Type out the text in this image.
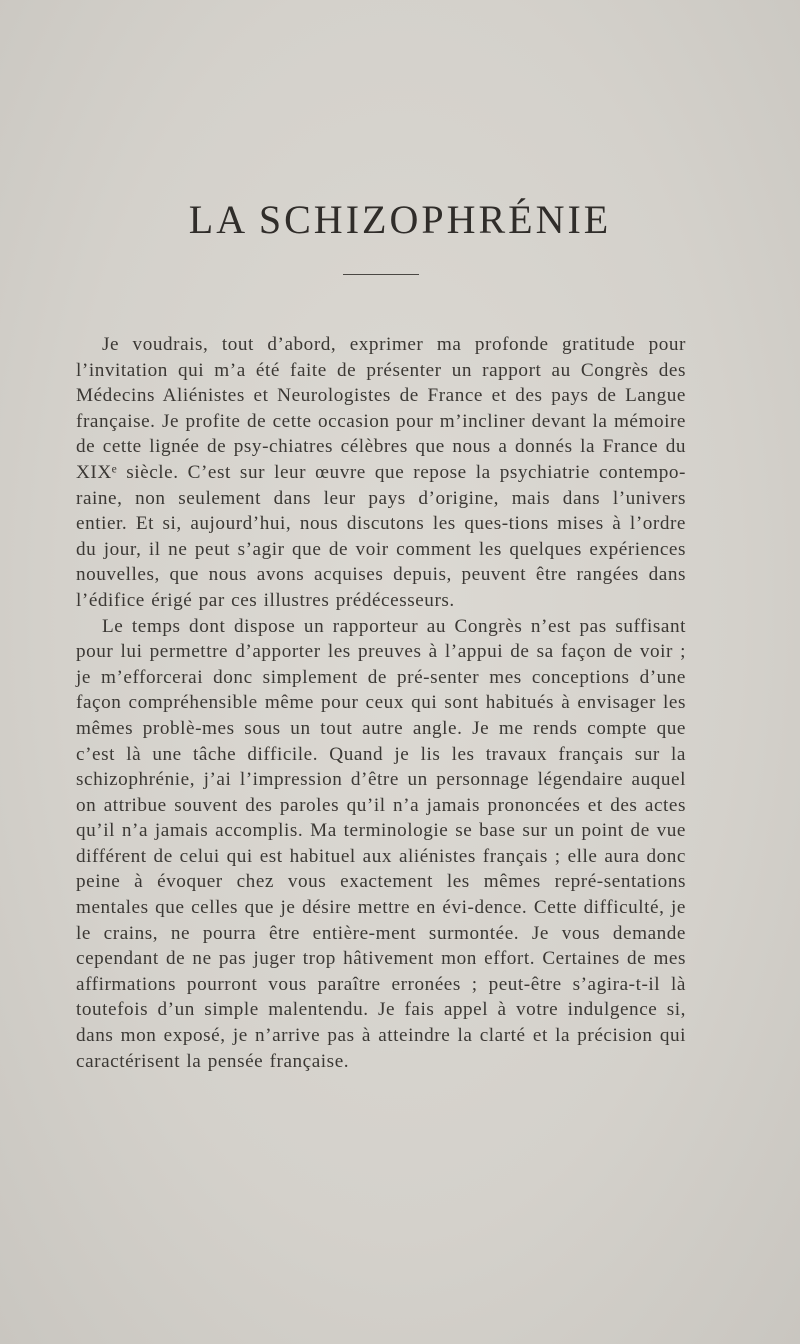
LA SCHIZOPHRÉNIE

Je voudrais, tout d’abord, exprimer ma profonde gratitude pour l’invitation qui m’a été faite de présenter un rapport au Congrès des Médecins Aliénistes et Neurologistes de France et des pays de Langue française. Je profite de cette occasion pour m’incliner devant la mémoire de cette lignée de psy-chiatres célèbres que nous a donnés la France du XIXᵉ siècle. C’est sur leur œuvre que repose la psychiatrie contempo-raine, non seulement dans leur pays d’origine, mais dans l’univers entier. Et si, aujourd’hui, nous discutons les ques-tions mises à l’ordre du jour, il ne peut s’agir que de voir comment les quelques expériences nouvelles, que nous avons acquises depuis, peuvent être rangées dans l’édifice érigé par ces illustres prédécesseurs.

Le temps dont dispose un rapporteur au Congrès n’est pas suffisant pour lui permettre d’apporter les preuves à l’appui de sa façon de voir ; je m’efforcerai donc simplement de pré-senter mes conceptions d’une façon compréhensible même pour ceux qui sont habitués à envisager les mêmes problè-mes sous un tout autre angle. Je me rends compte que c’est là une tâche difficile. Quand je lis les travaux français sur la schizophrénie, j’ai l’impression d’être un personnage légendaire auquel on attribue souvent des paroles qu’il n’a jamais prononcées et des actes qu’il n’a jamais accomplis. Ma terminologie se base sur un point de vue différent de celui qui est habituel aux aliénistes français ; elle aura donc peine à évoquer chez vous exactement les mêmes repré-sentations mentales que celles que je désire mettre en évi-dence. Cette difficulté, je le crains, ne pourra être entière-ment surmontée. Je vous demande cependant de ne pas juger trop hâtivement mon effort. Certaines de mes affirmations pourront vous paraître erronées ; peut-être s’agira-t-il là toutefois d’un simple malentendu. Je fais appel à votre indulgence si, dans mon exposé, je n’arrive pas à atteindre la clarté et la précision qui caractérisent la pensée française.
